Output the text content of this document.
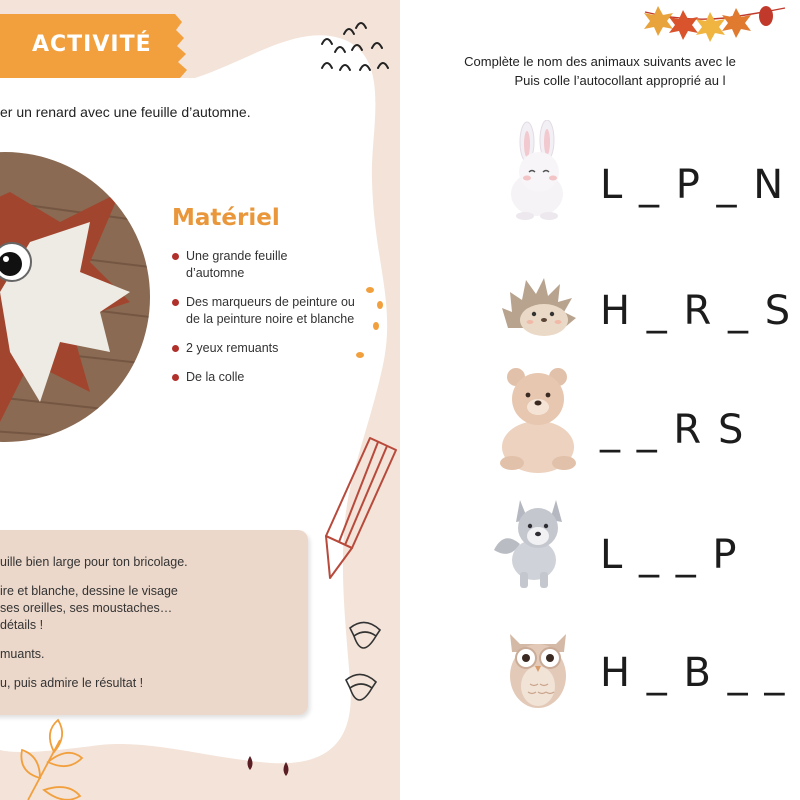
ACTIVITÉ
er un renard avec une feuille d’automne.
Matériel
Une grande feuille
d’automne
Des marqueurs de peinture ou
de la peinture noire et blanche
2 yeux remuants
De la colle
uille bien large pour ton bricolage.
ire et blanche, dessine le visage
ses oreilles, ses moustaches…
détails !
muants.
u, puis admire le résultat !
Complète le nom des animaux suivants avec le
Puis colle l’autocollant approprié au l
L _ P _ N
H _ R _ S
_ _ R S
L _ _ P
H _ B _ _
